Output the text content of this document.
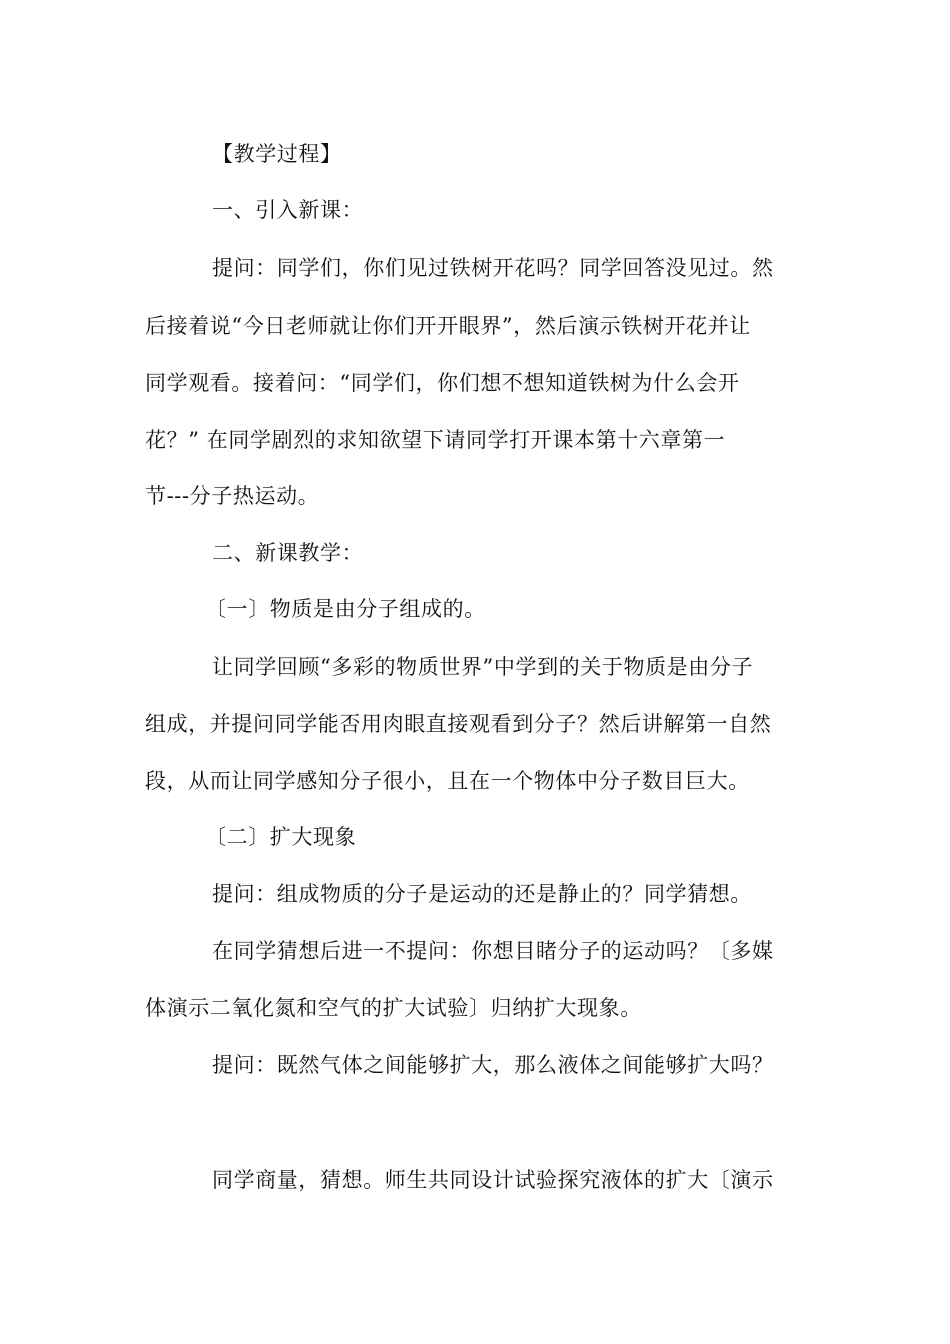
【教学过程】
一、引入新课：
提问：同学们，你们见过铁树开花吗？同学回答没见过。然
后接着说“今日老师就让你们开开眼界”，然后演示铁树开花并让
同学观看。接着问：“同学们，你们想不想知道铁树为什么会开
花？” 在同学剧烈的求知欲望下请同学打开课本第十六章第一
节---分子热运动。
二、新课教学：
〔一〕物质是由分子组成的。
让同学回顾“多彩的物质世界”中学到的关于物质是由分子
组成，并提问同学能否用肉眼直接观看到分子？然后讲解第一自然
段，从而让同学感知分子很小，且在一个物体中分子数目巨大。
〔二〕扩大现象
提问：组成物质的分子是运动的还是静止的？同学猜想。
在同学猜想后进一不提问：你想目睹分子的运动吗？〔多媒
体演示二氧化氮和空气的扩大试验〕归纳扩大现象。
提问：既然气体之间能够扩大，那么液体之间能够扩大吗？
同学商量，猜想。师生共同设计试验探究液体的扩大〔演示
